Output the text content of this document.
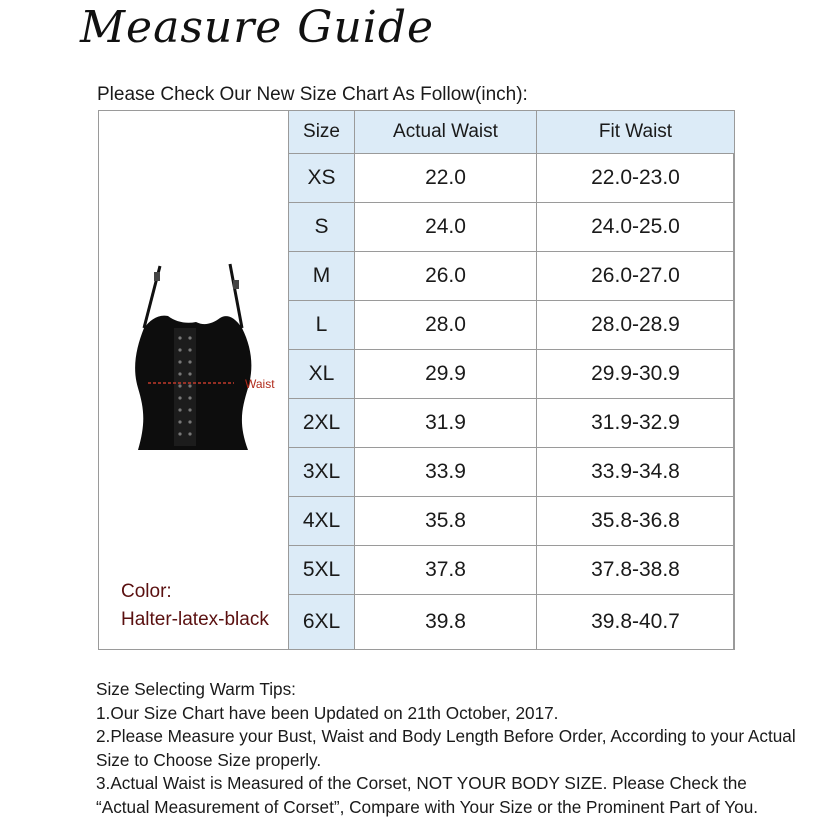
Measure Guide
Please Check Our New Size Chart As Follow(inch):
Waist
Color:
Halter-latex-black
Size	Actual Waist	Fit Waist
XS	22.0	22.0-23.0
S	24.0	24.0-25.0
M	26.0	26.0-27.0
L	28.0	28.0-28.9
XL	29.9	29.9-30.9
2XL	31.9	31.9-32.9
3XL	33.9	33.9-34.8
4XL	35.8	35.8-36.8
5XL	37.8	37.8-38.8
6XL	39.8	39.8-40.7

Size Selecting Warm Tips:

1.Our Size Chart have been Updated on 21th October, 2017.

2.Please Measure your Bust, Waist and Body Length Before Order, According to your Actual Size to Choose Size properly.

3.Actual Waist is Measured of the Corset, NOT YOUR BODY SIZE. Please Check the “Actual Measurement of Corset”, Compare with Your Size or the Prominent Part of You.
